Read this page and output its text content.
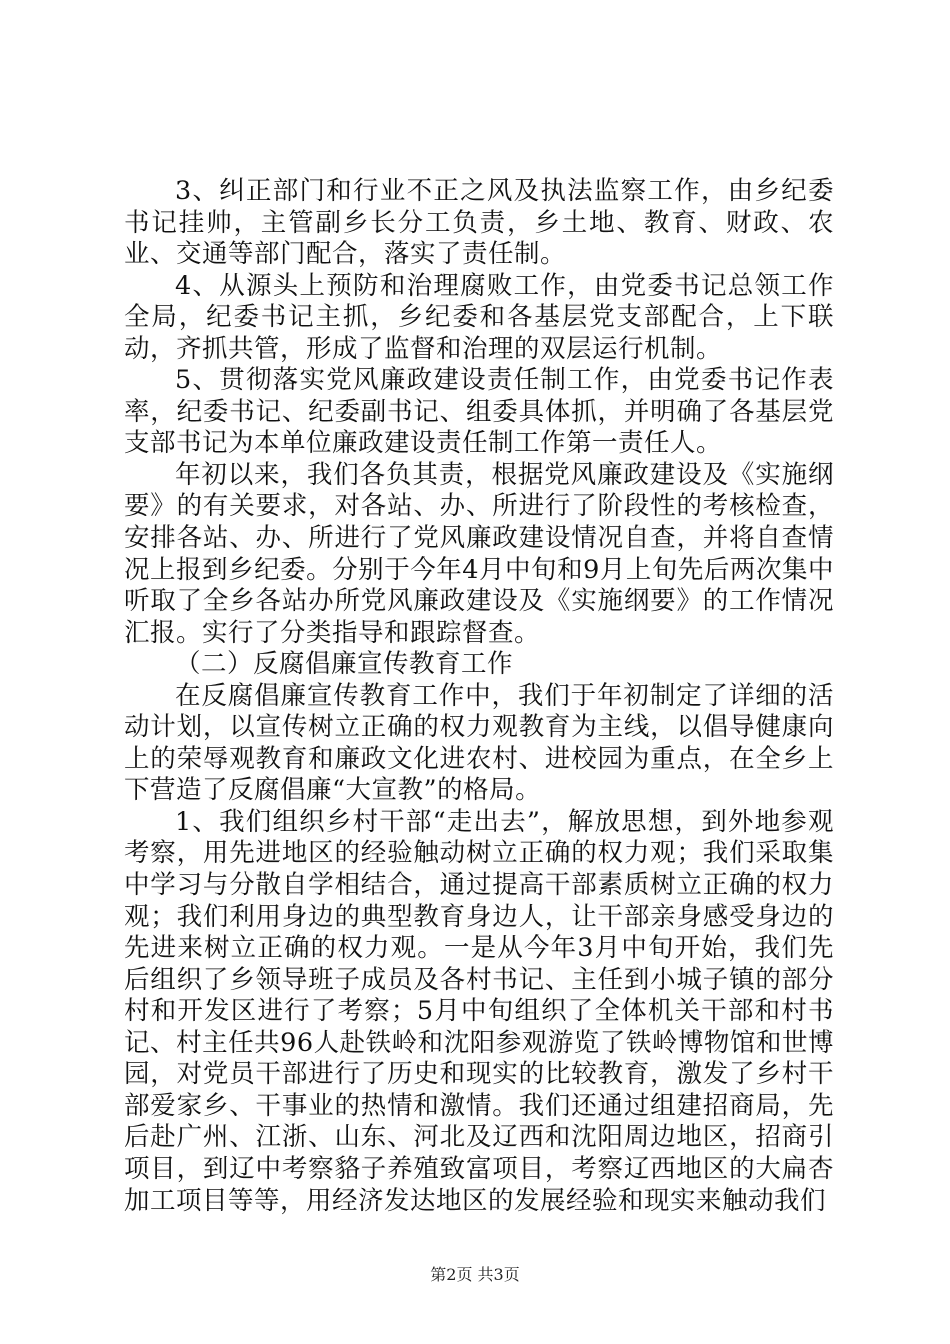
3、纠正部门和行业不正之风及执法监察工作，由乡纪委书记挂帅，主管副乡长分工负责，乡土地、教育、财政、农业、交通等部门配合，落实了责任制。

4、从源头上预防和治理腐败工作，由党委书记总领工作全局，纪委书记主抓，乡纪委和各基层党支部配合，上下联动，齐抓共管，形成了监督和治理的双层运行机制。

5、贯彻落实党风廉政建设责任制工作，由党委书记作表率，纪委书记、纪委副书记、组委具体抓，并明确了各基层党支部书记为本单位廉政建设责任制工作第一责任人。

年初以来，我们各负其责，根据党风廉政建设及《实施纲要》的有关要求，对各站、办、所进行了阶段性的考核检查，安排各站、办、所进行了党风廉政建设情况自查，并将自查情况上报到乡纪委。分别于今年4月中旬和9月上旬先后两次集中听取了全乡各站办所党风廉政建设及《实施纲要》的工作情况汇报。实行了分类指导和跟踪督查。

（二）反腐倡廉宣传教育工作

在反腐倡廉宣传教育工作中，我们于年初制定了详细的活动计划，以宣传树立正确的权力观教育为主线，以倡导健康向上的荣辱观教育和廉政文化进农村、进校园为重点，在全乡上下营造了反腐倡廉“大宣教”的格局。

1、我们组织乡村干部“走出去”，解放思想，到外地参观考察，用先进地区的经验触动树立正确的权力观；我们采取集中学习与分散自学相结合，通过提高干部素质树立正确的权力观；我们利用身边的典型教育身边人，让干部亲身感受身边的先进来树立正确的权力观。一是从今年3月中旬开始，我们先后组织了乡领导班子成员及各村书记、主任到小城子镇的部分村和开发区进行了考察；5月中旬组织了全体机关干部和村书记、村主任共96人赴铁岭和沈阳参观游览了铁岭博物馆和世博园，对党员干部进行了历史和现实的比较教育，激发了乡村干部爱家乡、干事业的热情和激情。我们还通过组建招商局，先后赴广州、江浙、山东、河北及辽西和沈阳周边地区，招商引项目，到辽中考察貉子养殖致富项目，考察辽西地区的大扁杏加工项目等等，用经济发达地区的发展经验和现实来触动我们

第2页 共3页
